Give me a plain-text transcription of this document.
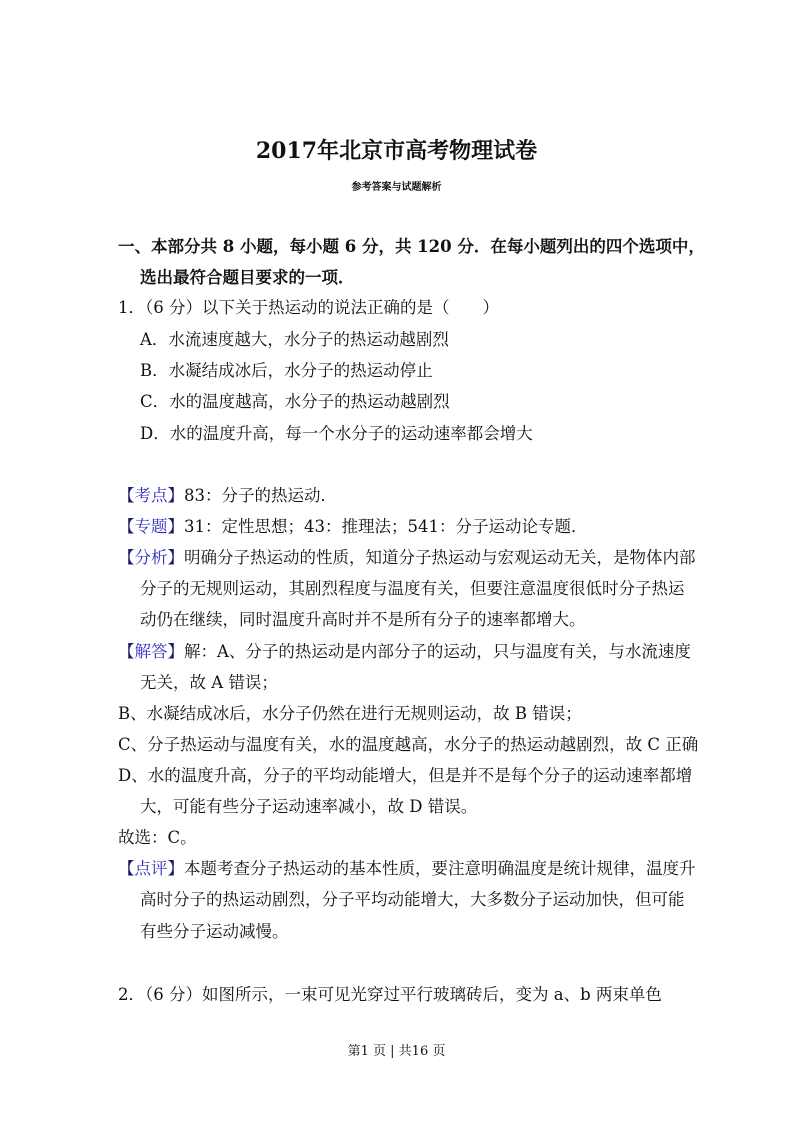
2017年北京市高考物理试卷
参考答案与试题解析
一、本部分共 8 小题，每小题 6 分，共 120 分．在每小题列出的四个选项中，
选出最符合题目要求的一项．
1．（6 分）以下关于热运动的说法正确的是（　　）
A．水流速度越大，水分子的热运动越剧烈
B．水凝结成冰后，水分子的热运动停止
C．水的温度越高，水分子的热运动越剧烈
D．水的温度升高，每一个水分子的运动速率都会增大
【考点】83：分子的热运动．
【专题】31：定性思想；43：推理法；541：分子运动论专题．
【分析】明确分子热运动的性质，知道分子热运动与宏观运动无关，是物体内部
分子的无规则运动，其剧烈程度与温度有关，但要注意温度很低时分子热运
动仍在继续，同时温度升高时并不是所有分子的速率都增大。
【解答】解：A、分子的热运动是内部分子的运动，只与温度有关，与水流速度
无关，故 A 错误；
B、水凝结成冰后，水分子仍然在进行无规则运动，故 B 错误；
C、分子热运动与温度有关，水的温度越高，水分子的热运动越剧烈，故 C 正确
D、水的温度升高，分子的平均动能增大，但是并不是每个分子的运动速率都增
大，可能有些分子运动速率减小，故 D 错误。
故选：C。
【点评】本题考查分子热运动的基本性质，要注意明确温度是统计规律，温度升
高时分子的热运动剧烈，分子平均动能增大，大多数分子运动加快，但可能
有些分子运动减慢。
2．（6 分）如图所示，一束可见光穿过平行玻璃砖后，变为 a、b 两束单色
第1 页 | 共16 页
